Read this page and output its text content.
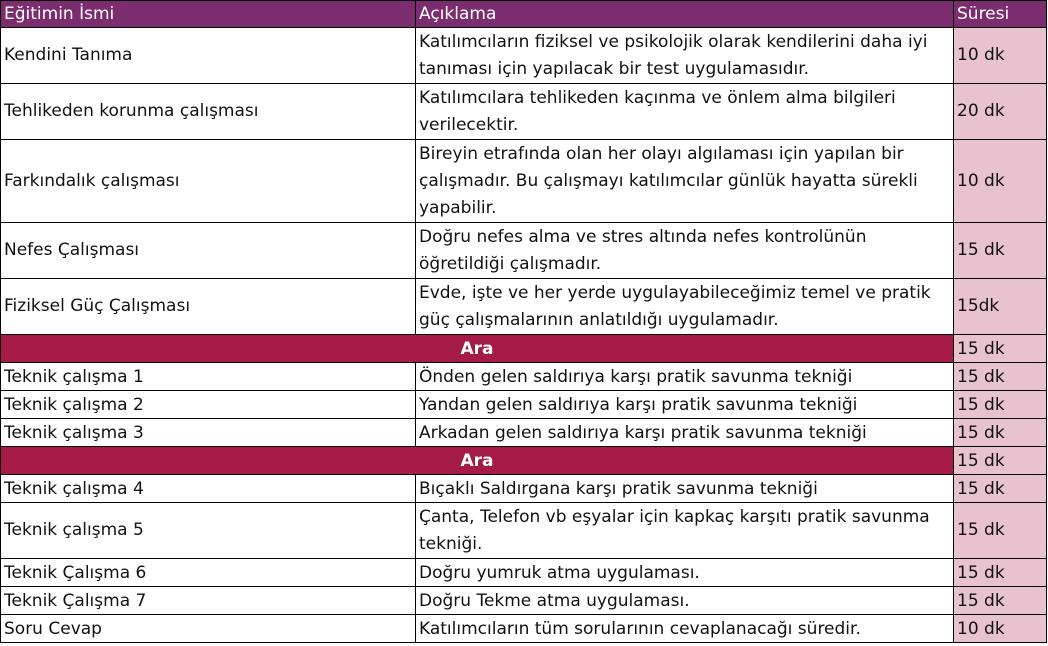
Eğitimin İsmi	Açıklama	Süresi
Kendini Tanıma	Katılımcıların fiziksel ve psikolojik olarak kendilerini daha iyi tanıması için yapılacak bir test uygulamasıdır.	10 dk
Tehlikeden korunma çalışması	Katılımcılara tehlikeden kaçınma ve önlem alma bilgileri verilecektir.	20 dk
Farkındalık çalışması	Bireyin etrafında olan her olayı algılaması için yapılan bir çalışmadır. Bu çalışmayı katılımcılar günlük hayatta sürekli yapabilir.	10 dk
Nefes Çalışması	Doğru nefes alma ve stres altında nefes kontrolünün öğretildiği çalışmadır.	15 dk
Fiziksel Güç Çalışması	Evde, işte ve her yerde uygulayabileceğimiz temel ve pratik güç çalışmalarının anlatıldığı uygulamadır.	15dk
Ara		15 dk
Teknik çalışma 1	Önden gelen saldırıya karşı pratik savunma tekniği	15 dk
Teknik çalışma 2	Yandan gelen saldırıya karşı pratik savunma tekniği	15 dk
Teknik çalışma 3	Arkadan gelen saldırıya karşı pratik savunma tekniği	15 dk
Ara		15 dk
Teknik çalışma 4	Bıçaklı Saldırgana karşı pratik savunma tekniği	15 dk
Teknik çalışma 5	Çanta, Telefon vb eşyalar için kapkaç karşıtı pratik savunma tekniği.	15 dk
Teknik Çalışma 6	Doğru yumruk atma uygulaması.	15 dk
Teknik Çalışma 7	Doğru Tekme atma uygulaması.	15 dk
Soru Cevap	Katılımcıların tüm sorularının cevaplanacağı süredir.	10 dk
